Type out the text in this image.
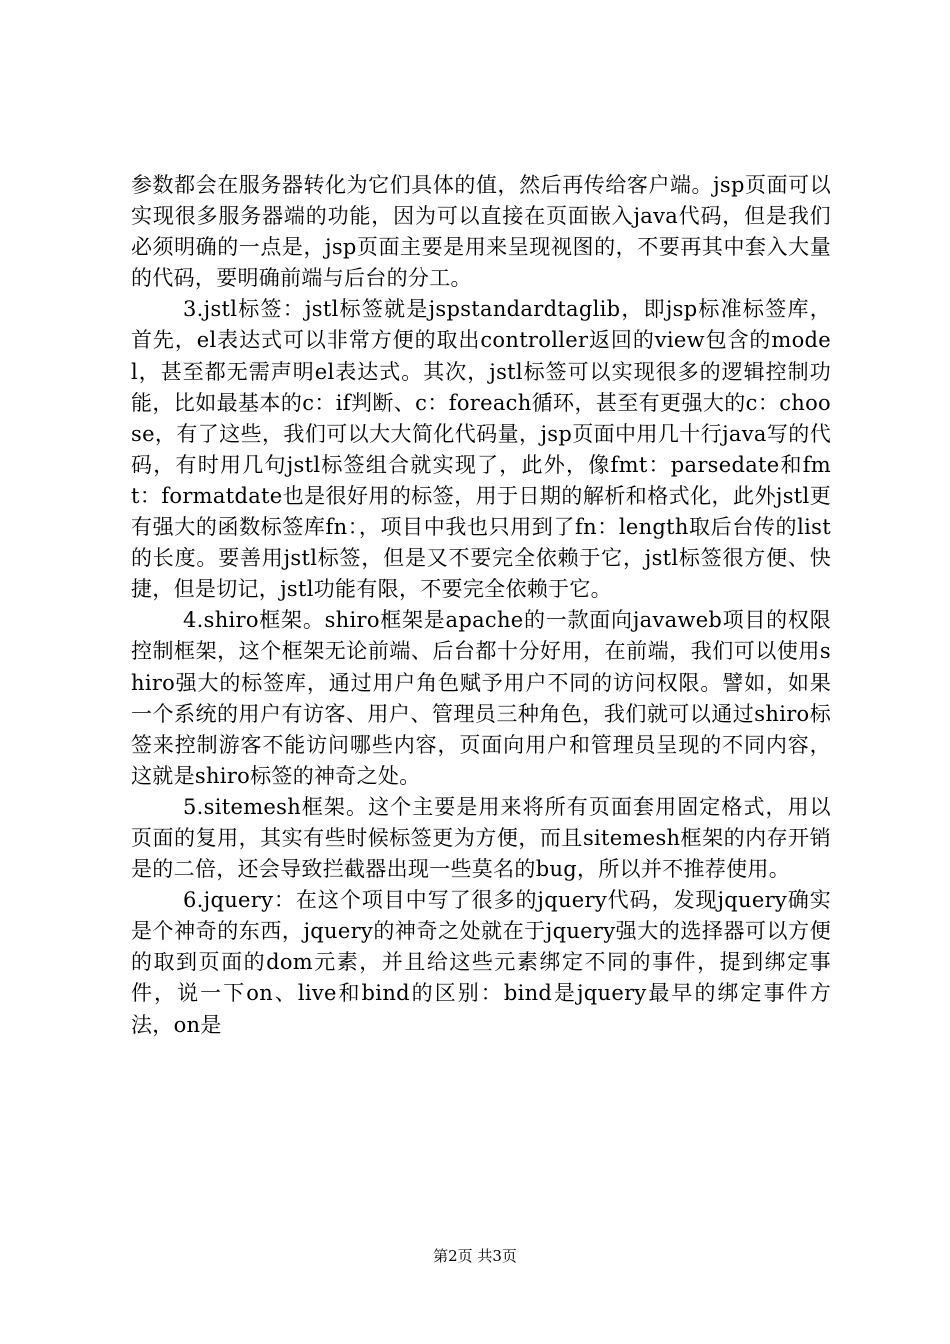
参数都会在服务器转化为它们具体的值，然后再传给客户端。jsp页面可以实现很多服务器端的功能，因为可以直接在页面嵌入java代码，但是我们必须明确的一点是，jsp页面主要是用来呈现视图的，不要再其中套入大量的代码，要明确前端与后台的分工。

3.jstl标签：jstl标签就是jspstandardtaglib，即jsp标准标签库，首先，el表达式可以非常方便的取出controller返回的view包含的model，甚至都无需声明el表达式。其次，jstl标签可以实现很多的逻辑控制功能，比如最基本的c：if判断、c：foreach循环，甚至有更强大的c：choose，有了这些，我们可以大大简化代码量，jsp页面中用几十行java写的代码，有时用几句jstl标签组合就实现了，此外，像fmt：parsedate和fmt：formatdate也是很好用的标签，用于日期的解析和格式化，此外jstl更有强大的函数标签库fn：，项目中我也只用到了fn：length取后台传的list的长度。要善用jstl标签，但是又不要完全依赖于它，jstl标签很方便、快捷，但是切记，jstl功能有限，不要完全依赖于它。

4.shiro框架。shiro框架是apache的一款面向javaweb项目的权限控制框架，这个框架无论前端、后台都十分好用，在前端，我们可以使用shiro强大的标签库，通过用户角色赋予用户不同的访问权限。譬如，如果一个系统的用户有访客、用户、管理员三种角色，我们就可以通过shiro标签来控制游客不能访问哪些内容，页面向用户和管理员呈现的不同内容，这就是shiro标签的神奇之处。

5.sitemesh框架。这个主要是用来将所有页面套用固定格式，用以页面的复用，其实有些时候标签更为方便，而且sitemesh框架的内存开销是的二倍，还会导致拦截器出现一些莫名的bug，所以并不推荐使用。

6.jquery：在这个项目中写了很多的jquery代码，发现jquery确实是个神奇的东西，jquery的神奇之处就在于jquery强大的选择器可以方便的取到页面的dom元素，并且给这些元素绑定不同的事件，提到绑定事件，说一下on、live和bind的区别：bind是jquery最早的绑定事件方法，on是

第2页 共3页
